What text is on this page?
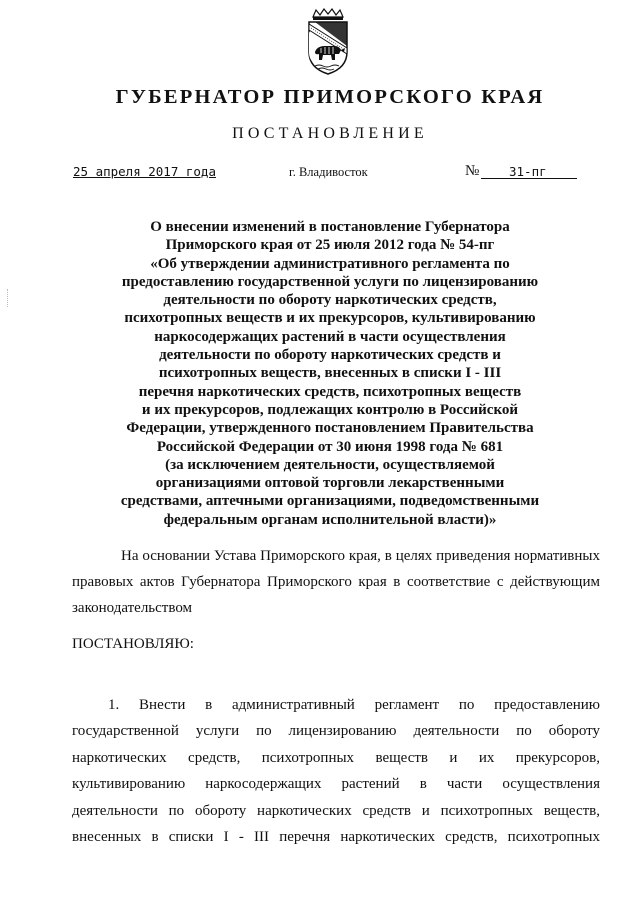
ГУБЕРНАТОР ПРИМОРСКОГО КРАЯ
ПОСТАНОВЛЕНИЕ
25 апреля 2017 года	г. Владивосток	№	31-пг
О внесении изменений в постановление Губернатора
Приморского края от 25 июля 2012 года № 54-пг
«Об утверждении административного регламента по
предоставлению государственной услуги по лицензированию
деятельности по обороту наркотических средств,
психотропных веществ и их прекурсоров, культивированию
наркосодержащих растений в части осуществления
деятельности по обороту наркотических средств и
психотропных веществ, внесенных в списки I - III
перечня наркотических средств, психотропных веществ
и их прекурсоров, подлежащих контролю в Российской
Федерации, утвержденного постановлением Правительства
Российской Федерации от 30 июня 1998 года № 681
(за исключением деятельности, осуществляемой
организациями оптовой торговли лекарственными
средствами, аптечными организациями, подведомственными
федеральным органам исполнительной власти)»
На основании Устава Приморского края, в целях приведения нормативных
правовых актов Губернатора Приморского края в соответствие с действующим
законодательством
ПОСТАНОВЛЯЮ:
1. Внести в административный регламент по предоставлению
государственной услуги по лицензированию деятельности по обороту
наркотических средств, психотропных веществ и их прекурсоров,
культивированию наркосодержащих растений в части осуществления
деятельности по обороту наркотических средств и психотропных веществ,
внесенных в списки I - III перечня наркотических средств, психотропных
